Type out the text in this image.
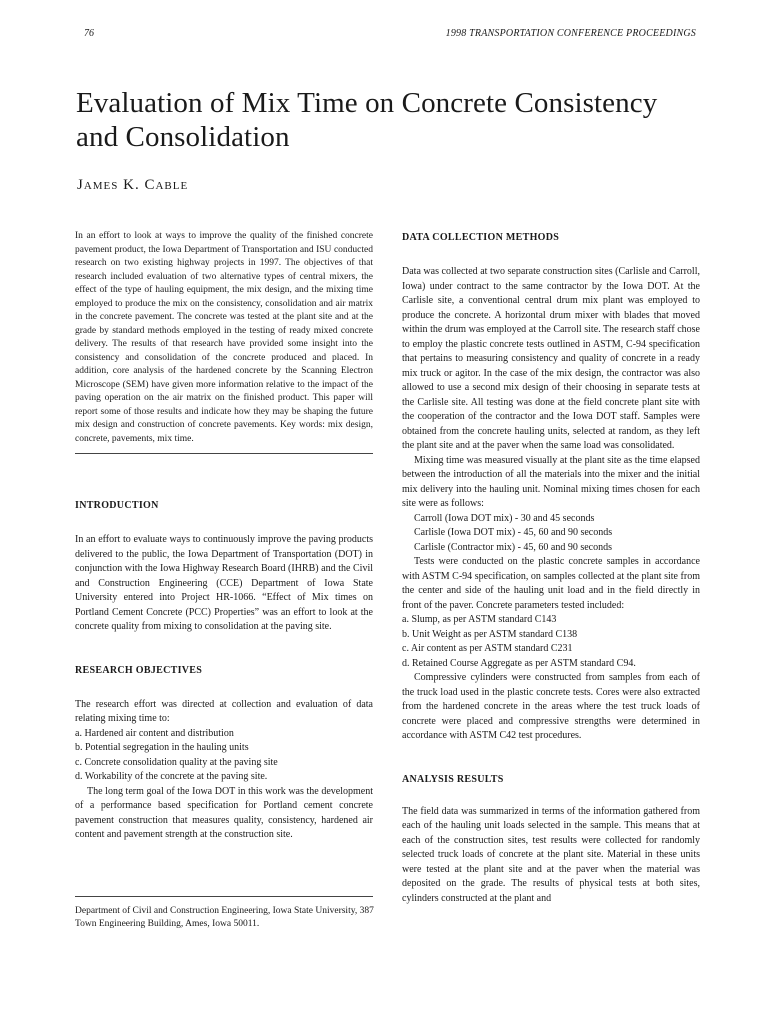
76	1998 TRANSPORTATION CONFERENCE PROCEEDINGS
Evaluation of Mix Time on Concrete Consistency and Consolidation
James K. Cable

In an effort to look at ways to improve the quality of the finished concrete pavement product, the Iowa Department of Transportation and ISU conducted research on two existing highway projects in 1997. The objectives of that research included evaluation of two alternative types of central mixers, the effect of the type of hauling equipment, the mix design, and the mixing time employed to produce the mix on the consistency, consolidation and air matrix in the concrete pavement. The concrete was tested at the plant site and at the grade by standard methods employed in the testing of ready mixed concrete delivery. The results of that research have provided some insight into the consistency and consolidation of the concrete produced and placed. In addition, core analysis of the hardened concrete by the Scanning Electron Microscope (SEM) have given more information relative to the impact of the paving operation on the air matrix on the finished product. This paper will report some of those results and indicate how they may be shaping the future mix design and construction of concrete pavements. Key words: mix design, concrete, pavements, mix time.

INTRODUCTION

In an effort to evaluate ways to continuously improve the paving products delivered to the public, the Iowa Department of Transportation (DOT) in conjunction with the Iowa Highway Research Board (IHRB) and the Civil and Construction Engineering (CCE) Department of Iowa State University entered into Project HR-1066. “Effect of Mix times on Portland Cement Concrete (PCC) Properties” was an effort to look at the concrete quality from mixing to consolidation at the paving site.

RESEARCH OBJECTIVES

The research effort was directed at collection and evaluation of data relating mixing time to:

a. Hardened air content and distribution

b. Potential segregation in the hauling units

c. Concrete consolidation quality at the paving site

d. Workability of the concrete at the paving site.

The long term goal of the Iowa DOT in this work was the development of a performance based specification for Portland cement concrete pavement construction that measures quality, consistency, hardened air content and pavement strength at the construction site.

Department of Civil and Construction Engineering, Iowa State University, 387 Town Engineering Building, Ames, Iowa 50011.
DATA COLLECTION METHODS

Data was collected at two separate construction sites (Carlisle and Carroll, Iowa) under contract to the same contractor by the Iowa DOT. At the Carlisle site, a conventional central drum mix plant was employed to produce the concrete. A horizontal drum mixer with blades that moved within the drum was employed at the Carroll site. The research staff chose to employ the plastic concrete tests outlined in ASTM, C-94 specification that pertains to measuring consistency and quality of concrete in a ready mix truck or agitor. In the case of the mix design, the contractor was also allowed to use a second mix design of their choosing in separate tests at the Carlisle site. All testing was done at the field concrete plant site with the cooperation of the contractor and the Iowa DOT staff. Samples were obtained from the concrete hauling units, selected at random, as they left the plant site and at the paver when the same load was consolidated.

Mixing time was measured visually at the plant site as the time elapsed between the introduction of all the materials into the mixer and the initial mix delivery into the hauling unit. Nominal mixing times chosen for each site were as follows:

Carroll (Iowa DOT mix) - 30 and 45 seconds

Carlisle (Iowa DOT mix) - 45, 60 and 90 seconds

Carlisle (Contractor mix) - 45, 60 and 90 seconds

Tests were conducted on the plastic concrete samples in accordance with ASTM C-94 specification, on samples collected at the plant site from the center and side of the hauling unit load and in the field directly in front of the paver. Concrete parameters tested included:

a. Slump, as per ASTM standard C143

b. Unit Weight as per ASTM standard C138

c. Air content as per ASTM standard C231

d. Retained Course Aggregate as per ASTM standard C94.

Compressive cylinders were constructed from samples from each of the truck load used in the plastic concrete tests. Cores were also extracted from the hardened concrete in the areas where the test truck loads of concrete were placed and compressive strengths were determined in accordance with ASTM C42 test procedures.

ANALYSIS RESULTS

The field data was summarized in terms of the information gathered from each of the hauling unit loads selected in the sample. This means that at each of the construction sites, test results were collected for randomly selected truck loads of concrete at the plant site. Material in these units were tested at the plant site and at the paver when the material was deposited on the grade. The results of physical tests at both sites, cylinders constructed at the plant and
